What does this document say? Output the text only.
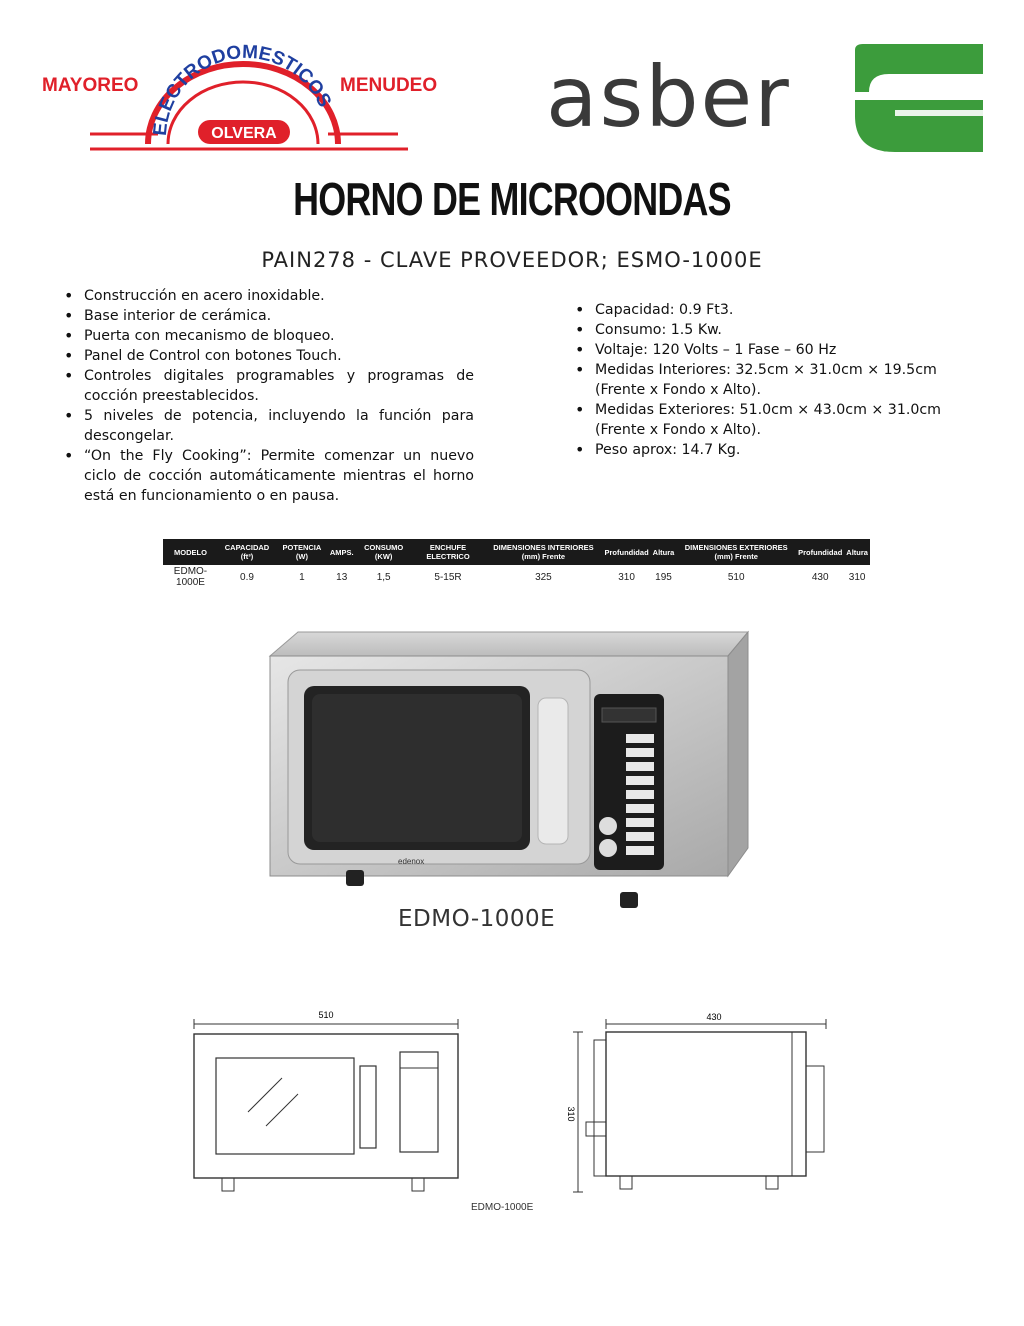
MAYOREO	MENUDEO
ELECTRODOMESTICOS
OLVERA	asber
HORNO DE MICROONDAS
PAIN278 - CLAVE PROVEEDOR; ESMO-1000E
• Construcción en acero inoxidable.
• Base interior de cerámica.
• Puerta con mecanismo de bloqueo.
• Panel de Control con botones Touch.
• Controles digitales programables y programas de cocción preestablecidos.
• 5 niveles de potencia, incluyendo la función para descongelar.
• “On the Fly Cooking”: Permite comenzar un nuevo ciclo de cocción automáticamente mientras el horno está en funcionamiento o en pausa.
• Capacidad: 0.9 Ft3.
• Consumo: 1.5 Kw.
• Voltaje: 120 Volts – 1 Fase – 60 Hz
• Medidas Interiores: 32.5cm × 31.0cm × 19.5cm (Frente x Fondo x Alto).
• Medidas Exteriores: 51.0cm × 43.0cm × 31.0cm (Frente x Fondo x Alto).
• Peso aprox: 14.7 Kg.
MODELO	CAPACIDAD (ft³)	POTENCIA (W)	AMPS.	CONSUMO (KW)	ENCHUFE ELECTRICO	DIMENSIONES INTERIORES (mm) Frente	Profundidad	Altura	DIMENSIONES EXTERIORES (mm) Frente	Profundidad	Altura
EDMO-1000E	0.9	1	13	1,5	5-15R	325	310	195	510	430	310
edenox
EDMO-1000E
510	430
310
EDMO-1000E
